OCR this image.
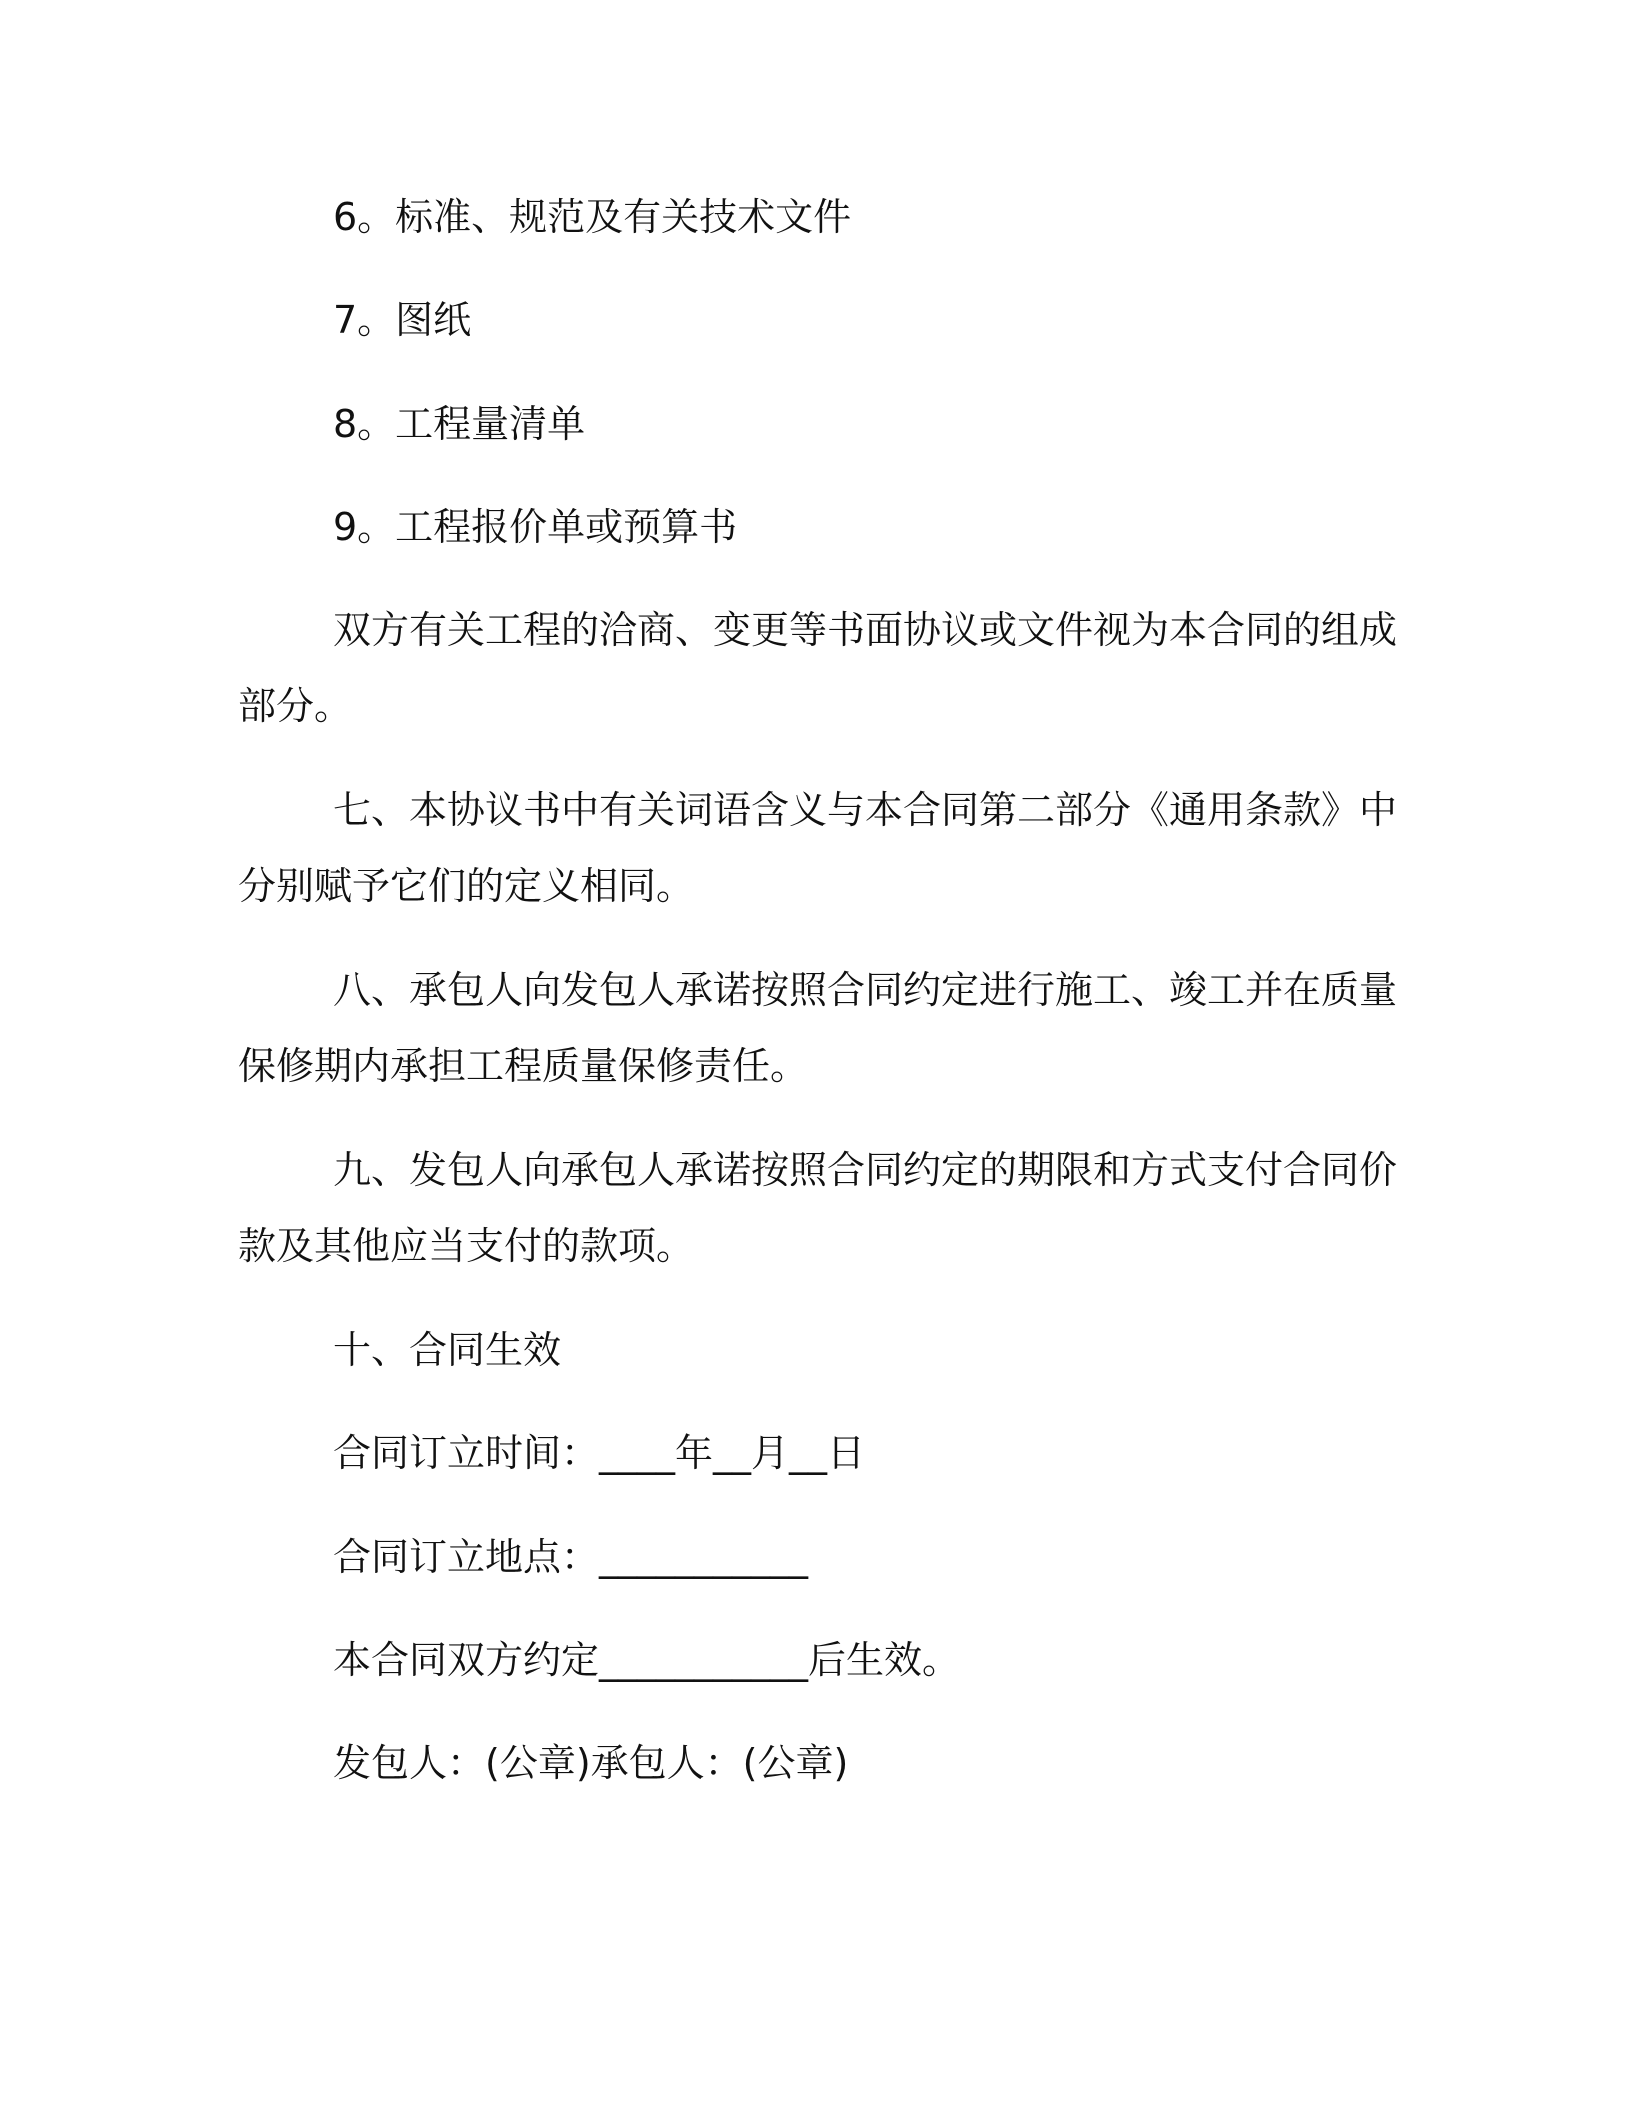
6。标准、规范及有关技术文件
7。图纸
8。工程量清单
9。工程报价单或预算书
双方有关工程的洽商、变更等书面协议或文件视为本合同的组成
部分。
七、本协议书中有关词语含义与本合同第二部分《通用条款》中
分别赋予它们的定义相同。
八、承包人向发包人承诺按照合同约定进行施工、竣工并在质量
保修期内承担工程质量保修责任。
九、发包人向承包人承诺按照合同约定的期限和方式支付合同价
款及其他应当支付的款项。
十、合同生效
合同订立时间：____年__月__日
合同订立地点：___________
本合同双方约定___________后生效。
发包人：(公章)承包人：(公章)
